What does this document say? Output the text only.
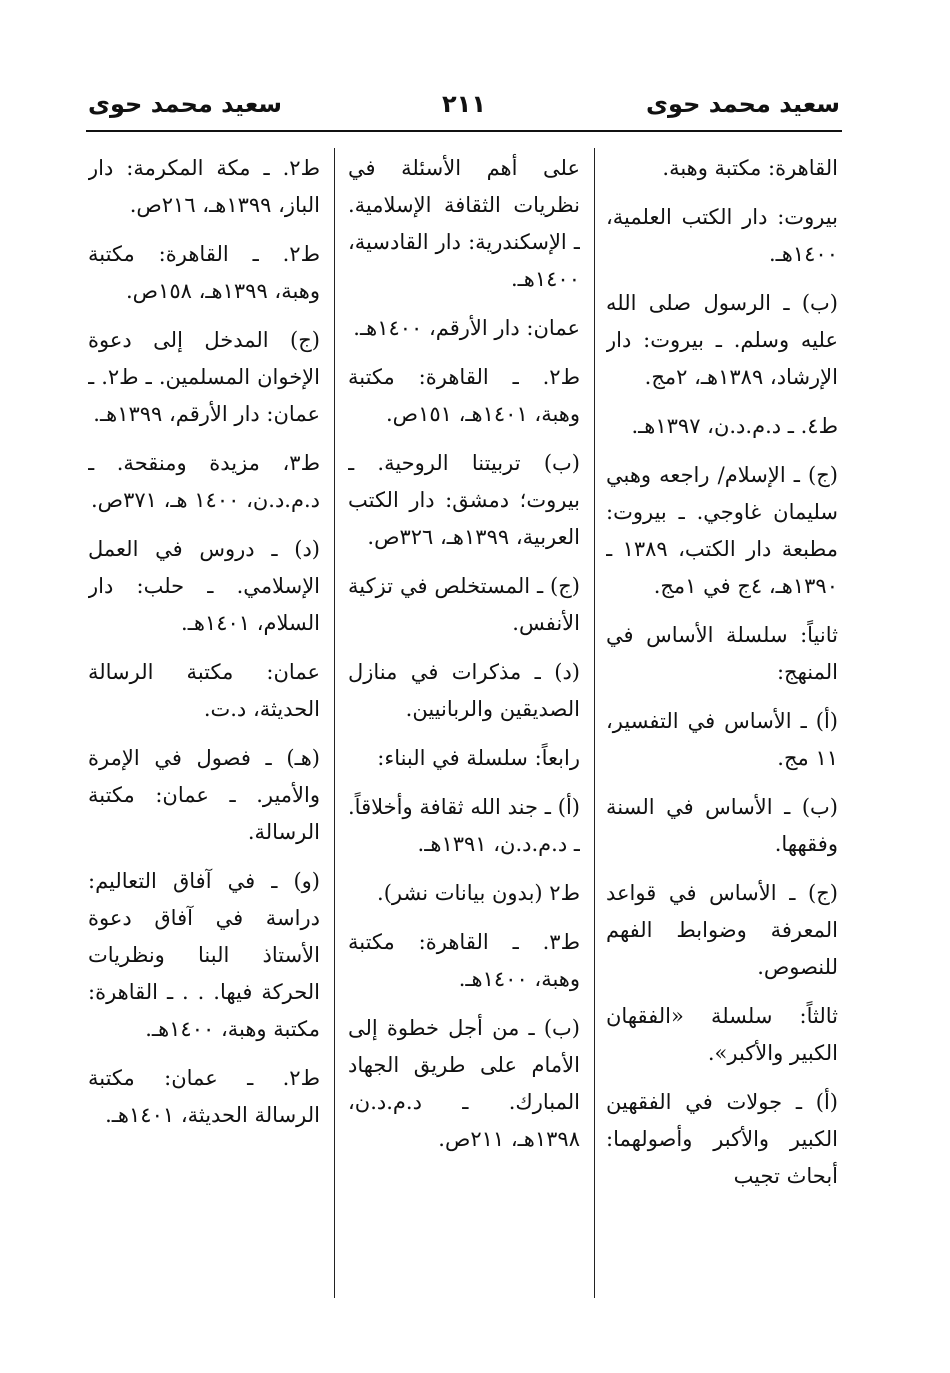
سعيد محمد حوى
٢١١
سعيد محمد حوى

القاهرة: مكتبة وهبة.

بيروت: دار الكتب العلمية، ١٤٠٠هـ.

(ب) ـ الرسول صلى الله عليه وسلم. ـ بيروت: دار الإرشاد، ١٣٨٩هـ، ٢مج.

ط٤. ـ د.م.د.ن، ١٣٩٧هـ.

(ج) ـ الإسلام/ راجعه وهبي سليمان غاوجي. ـ بيروت: مطبعة دار الكتب، ١٣٨٩ ـ ١٣٩٠هـ، ٤ج في ١مج.

ثانياً: سلسلة الأساس في المنهج:

(أ) ـ الأساس في التفسير، ١١ مج.

(ب) ـ الأساس في السنة وفقهها.

(ج) ـ الأساس في قواعد المعرفة وضوابط الفهم للنصوص.

ثالثاً: سلسلة «الفقهان الكبير والأكبر».

(أ) ـ جولات في الفقهين الكبير والأكبر وأصولهما: أبحاث تجيب

على أهم الأسئلة في نظريات الثقافة الإسلامية. ـ الإسكندرية: دار القادسية، ١٤٠٠هـ.

عمان: دار الأرقم، ١٤٠٠هـ.

ط٢. ـ القاهرة: مكتبة وهبة، ١٤٠١هـ، ١٥١ص.

(ب) تربيتنا الروحية. ـ بيروت؛ دمشق: دار الكتب العربية، ١٣٩٩هـ، ٣٢٦ص.

(ج) ـ المستخلص في تزكية الأنفس.

(د) ـ مذكرات في منازل الصديقين والربانيين.

رابعاً: سلسلة في البناء:

(أ) ـ جند الله ثقافة وأخلاقاً. ـ د.م.د.ن، ١٣٩١هـ.

ط٢ (بدون بيانات نشر).

ط٣. ـ القاهرة: مكتبة وهبة، ١٤٠٠هـ.

(ب) ـ من أجل خطوة إلى الأمام على طريق الجهاد المبارك. ـ د.م.د.ن، ١٣٩٨هـ، ٢١١ص.

ط٢. ـ مكة المكرمة: دار الباز، ١٣٩٩هـ، ٢١٦ص.

ط٢. ـ القاهرة: مكتبة وهبة، ١٣٩٩هـ، ١٥٨ص.

(ج) المدخل إلى دعوة الإخوان المسلمين. ـ ط٢. ـ عمان: دار الأرقم، ١٣٩٩هـ.

ط٣، مزيدة ومنقحة. ـ د.م.د.ن، ١٤٠٠ هـ، ٣٧١ص.

(د) ـ دروس في العمل الإسلامي. ـ حلب: دار السلام، ١٤٠١هـ.

عمان: مكتبة الرسالة الحديثة، د.ت.

(هـ) ـ فصول في الإمرة والأمير. ـ عمان: مكتبة الرسالة.

(و) ـ في آفاق التعاليم: دراسة في آفاق دعوة الأستاذ البنا ونظريات الحركة فيها. . . ـ القاهرة: مكتبة وهبة، ١٤٠٠هـ.

ط٢. ـ عمان: مكتبة الرسالة الحديثة، ١٤٠١هـ.
